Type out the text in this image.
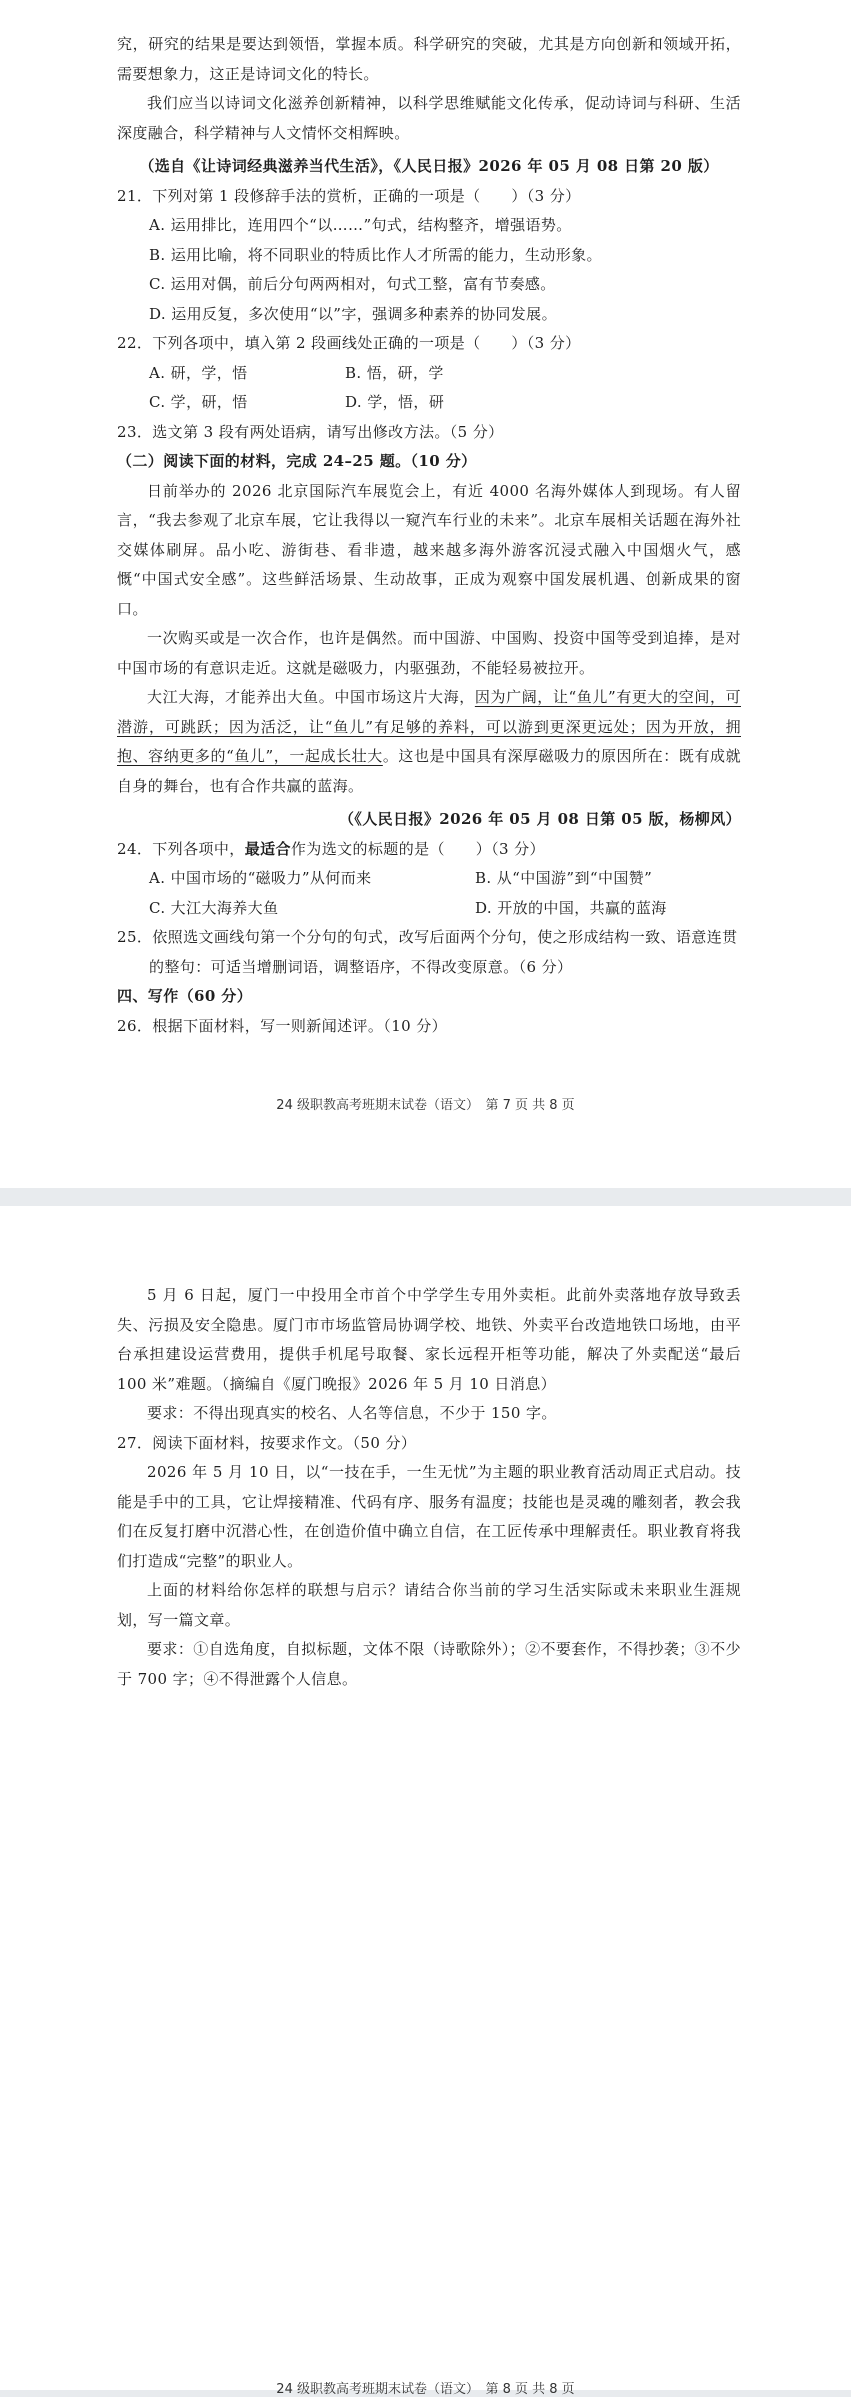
究，研究的结果是要达到领悟，掌握本质。科学研究的突破，尤其是方向创新和领域开拓，需要想象力，这正是诗词文化的特长。

我们应当以诗词文化滋养创新精神，以科学思维赋能文化传承，促动诗词与科研、生活深度融合，科学精神与人文情怀交相辉映。

（选自《让诗词经典滋养当代生活》，《人民日报》2026 年 05 月 08 日第 20 版）

21．下列对第 1 段修辞手法的赏析，正确的一项是（　　）（3 分）

A. 运用排比，连用四个“以……”句式，结构整齐，增强语势。

B. 运用比喻，将不同职业的特质比作人才所需的能力，生动形象。

C. 运用对偶，前后分句两两相对，句式工整，富有节奏感。

D. 运用反复，多次使用“以”字，强调多种素养的协同发展。

22．下列各项中，填入第 2 段画线处正确的一项是（　　）（3 分）

A. 研，学，悟	B. 悟，研，学
C. 学，研，悟	D. 学，悟，研

23．选文第 3 段有两处语病，请写出修改方法。（5 分）

（二）阅读下面的材料，完成 24–25 题。（10 分）

日前举办的 2026 北京国际汽车展览会上，有近 4000 名海外媒体人到现场。有人留言，“我去参观了北京车展，它让我得以一窥汽车行业的未来”。北京车展相关话题在海外社交媒体刷屏。品小吃、游街巷、看非遗，越来越多海外游客沉浸式融入中国烟火气，感慨“中国式安全感”。这些鲜活场景、生动故事，正成为观察中国发展机遇、创新成果的窗口。

一次购买或是一次合作，也许是偶然。而中国游、中国购、投资中国等受到追捧，是对中国市场的有意识走近。这就是磁吸力，内驱强劲，不能轻易被拉开。

大江大海，才能养出大鱼。中国市场这片大海，因为广阔，让“鱼儿”有更大的空间，可潜游，可跳跃；因为活泛，让“鱼儿”有足够的养料，可以游到更深更远处；因为开放，拥抱、容纳更多的“鱼儿”，一起成长壮大。这也是中国具有深厚磁吸力的原因所在：既有成就自身的舞台，也有合作共赢的蓝海。

（《人民日报》2026 年 05 月 08 日第 05 版，杨柳风）

24．下列各项中，最适合作为选文的标题的是（　　）（3 分）

A. 中国市场的“磁吸力”从何而来	B. 从“中国游”到“中国赞”
C. 大江大海养大鱼	D. 开放的中国，共赢的蓝海

25．依照选文画线句第一个分句的句式，改写后面两个分句，使之形成结构一致、语意连贯

的整句：可适当增删词语，调整语序，不得改变原意。（6 分）

四、写作（60 分）

26．根据下面材料，写一则新闻述评。（10 分）

24 级职教高考班期末试卷（语文）　第 7 页 共 8 页

5 月 6 日起，厦门一中投用全市首个中学学生专用外卖柜。此前外卖落地存放导致丢失、污损及安全隐患。厦门市市场监管局协调学校、地铁、外卖平台改造地铁口场地，由平台承担建设运营费用，提供手机尾号取餐、家长远程开柜等功能，解决了外卖配送“最后 100 米”难题。（摘编自《厦门晚报》2026 年 5 月 10 日消息）

要求：不得出现真实的校名、人名等信息，不少于 150 字。

27．阅读下面材料，按要求作文。（50 分）

2026 年 5 月 10 日，以“一技在手，一生无忧”为主题的职业教育活动周正式启动。技能是手中的工具，它让焊接精准、代码有序、服务有温度；技能也是灵魂的雕刻者，教会我们在反复打磨中沉潜心性，在创造价值中确立自信，在工匠传承中理解责任。职业教育将我们打造成“完整”的职业人。

上面的材料给你怎样的联想与启示？请结合你当前的学习生活实际或未来职业生涯规划，写一篇文章。

要求：①自选角度，自拟标题，文体不限（诗歌除外）；②不要套作，不得抄袭；③不少于 700 字；④不得泄露个人信息。

24 级职教高考班期末试卷（语文）　第 8 页 共 8 页
